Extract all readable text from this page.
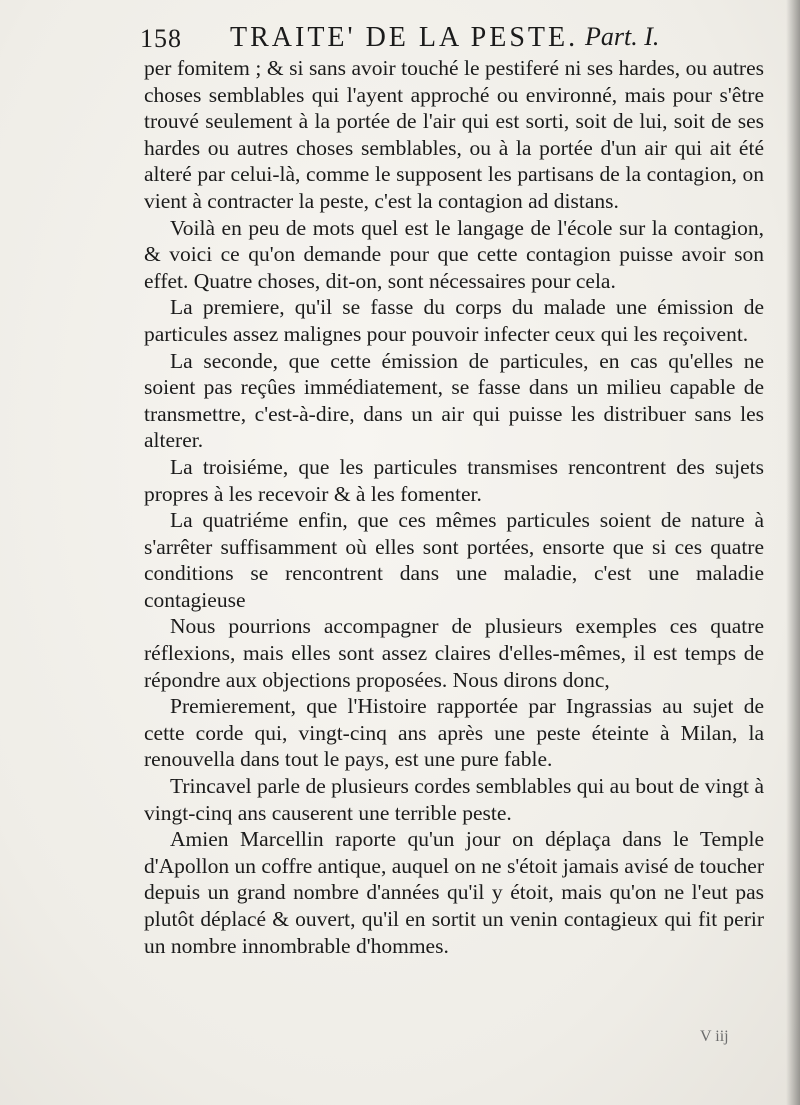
158 TRAITE' DE LA PESTE. Part. I.

per fomitem ; & si sans avoir touché le pestiferé ni ses hardes, ou autres choses semblables qui l'ayent approché ou environné, mais pour s'être trouvé seulement à la portée de l'air qui est sorti, soit de lui, soit de ses hardes ou autres choses semblables, ou à la portée d'un air qui ait été alteré par celui-là, comme le supposent les partisans de la contagion, on vient à contracter la peste, c'est la contagion ad distans.

Voilà en peu de mots quel est le langage de l'école sur la contagion, & voici ce qu'on demande pour que cette contagion puisse avoir son effet. Quatre choses, dit-on, sont nécessaires pour cela.

La premiere, qu'il se fasse du corps du malade une émission de particules assez malignes pour pouvoir infecter ceux qui les reçoivent.

La seconde, que cette émission de particules, en cas qu'elles ne soient pas reçûes immédiatement, se fasse dans un milieu capable de transmettre, c'est-à-dire, dans un air qui puisse les distribuer sans les alterer.

La troisiéme, que les particules transmises rencontrent des sujets propres à les recevoir & à les fomenter.

La quatriéme enfin, que ces mêmes particules soient de nature à s'arrêter suffisamment où elles sont portées, ensorte que si ces quatre conditions se rencontrent dans une maladie, c'est une maladie contagieuse

Nous pourrions accompagner de plusieurs exemples ces quatre réflexions, mais elles sont assez claires d'elles-mêmes, il est temps de répondre aux objections proposées. Nous dirons donc,

Premierement, que l'Histoire rapportée par Ingrassias au sujet de cette corde qui, vingt-cinq ans après une peste éteinte à Milan, la renouvella dans tout le pays, est une pure fable.

Trincavel parle de plusieurs cordes semblables qui au bout de vingt à vingt-cinq ans causerent une terrible peste.

Amien Marcellin raporte qu'un jour on déplaça dans le Temple d'Apollon un coffre antique, auquel on ne s'étoit jamais avisé de toucher depuis un grand nombre d'années qu'il y étoit, mais qu'on ne l'eut pas plutôt déplacé & ouvert, qu'il en sortit un venin contagieux qui fit perir un nombre innombrable d'hommes.

V iij
